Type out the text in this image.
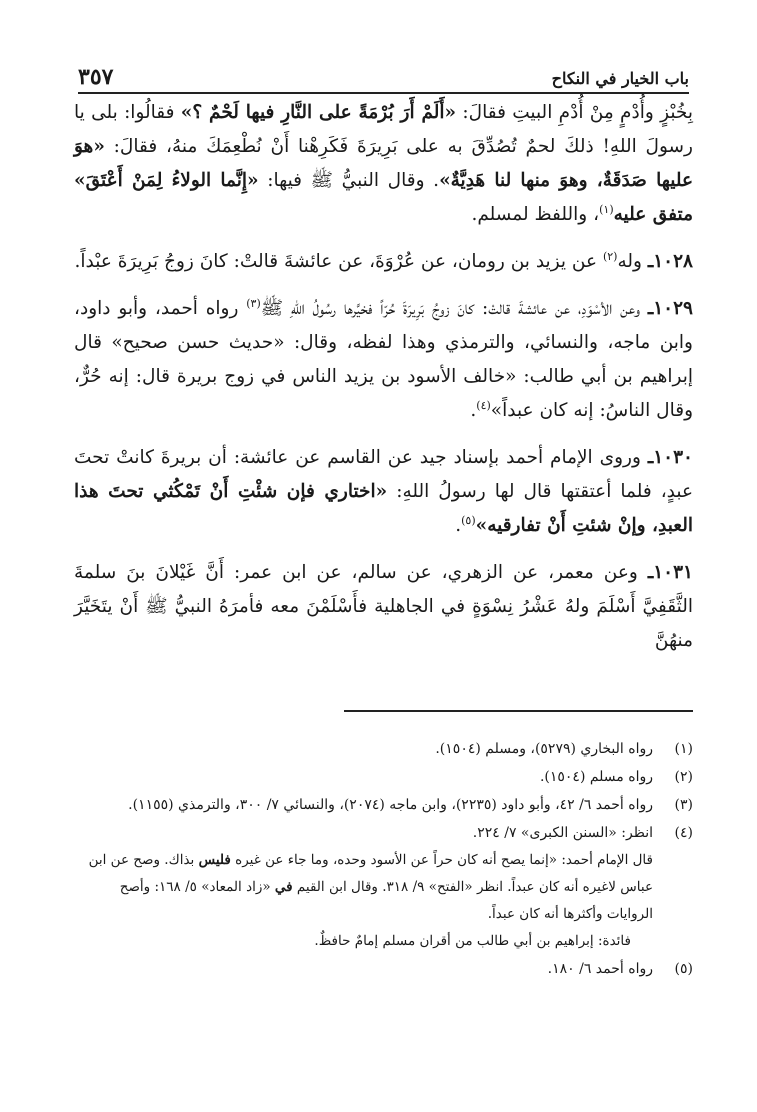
باب الخيار في النكاح
٣٥٧

بِخُبْزٍ وأُدْمٍ مِنْ أُدْمِ البيتِ فقالَ: «أَلَمْ أَرَ بُرْمَةً على النَّارِ فيها لَحْمٌ ؟» فقالُوا: بلى يا رسولَ اللهِ! ذلكَ لحمٌ تُصُدِّقَ به على بَرِيرَةَ فَكَرِهْنا أَنْ نُطْعِمَكَ منهُ، فقالَ: «هوَ عليها صَدَقَةٌ، وهوَ منها لنا هَدِيَّةٌ». وقال النبيُّ ﷺ فيها: «إِنَّما الولاءُ لِمَنْ أَعْتَقَ» متفق عليه$^{(١)}$، واللفظ لمسلم.

١٠٢٨ـ وله$^{(٢)}$ عن يزيد بن رومان، عن عُرْوَةَ، عن عائشةَ قالتْ: كانَ زوجُ بَرِيرَةَ عبْداً.

١٠٢٩ـ وعن الأسْوَدِ، عن عائشةَ قالتْ: كانَ زوجُ بَرِيرَةَ حُرّاً فخيَّرها رسُولُ اللهِ ﷺ$^{(٣)}$ رواه أحمد، وأبو داود، وابن ماجه، والنسائي، والترمذي وهذا لفظه، وقال: «حديث حسن صحيح» قال إبراهيم بن أبي طالب: «خالف الأسود بن يزيد الناس في زوج بريرة قال: إنه حُرٌّ، وقال الناسُ: إنه كان عبداً»$^{(٤)}$.

١٠٣٠ـ وروى الإمام أحمد بإسناد جيد عن القاسم عن عائشة: أن بريرةَ كانتْ تحتَ عبدٍ، فلما أعتقتها قال لها رسولُ اللهِ: «اختاري فإن شئْتِ أَنْ تَمْكُثي تحتَ هذا العبدِ، وإنْ شئتِ أَنْ تفارقيه»$^{(٥)}$.

١٠٣١ـ وعن معمر، عن الزهري، عن سالم، عن ابن عمر: أَنَّ غَيْلانَ بنَ سلمةَ الثَّقَفِيَّ أَسْلَمَ ولهُ عَشْرُ نِسْوَةٍ في الجاهلية فأَسْلَمْنَ معه فأمرَهُ النبيُّ ﷺ أَنْ يتَخَيَّرَ منهُنَّ

(١)
رواه البخاري (٥٢٧٩)، ومسلم (١٥٠٤).
(٢)
رواه مسلم (١٥٠٤).
(٣)
رواه أحمد ٦/ ٤٢، وأبو داود (٢٢٣٥)، وابن ماجه (٢٠٧٤)، والنسائي ٧/ ٣٠٠، والترمذي (١١٥٥).
(٤)
انظر: «السنن الكبرى» ٧/ ٢٢٤.
قال الإمام أحمد: «إنما يصح أنه كان حراً عن الأسود وحده، وما جاء عن غيره فليس بذاك. وصح عن ابن عباس لاغيره أنه كان عبداً. انظر «الفتح» ٩/ ٣١٨. وقال ابن القيم في «زاد المعاد» ٥/ ١٦٨: وأصح الروايات وأكثرها أنه كان عبداً.
فائدة: إبراهيم بن أبي طالب من أقران مسلم إمامٌ حافظٌ.
(٥)
رواه أحمد ٦/ ١٨٠.
